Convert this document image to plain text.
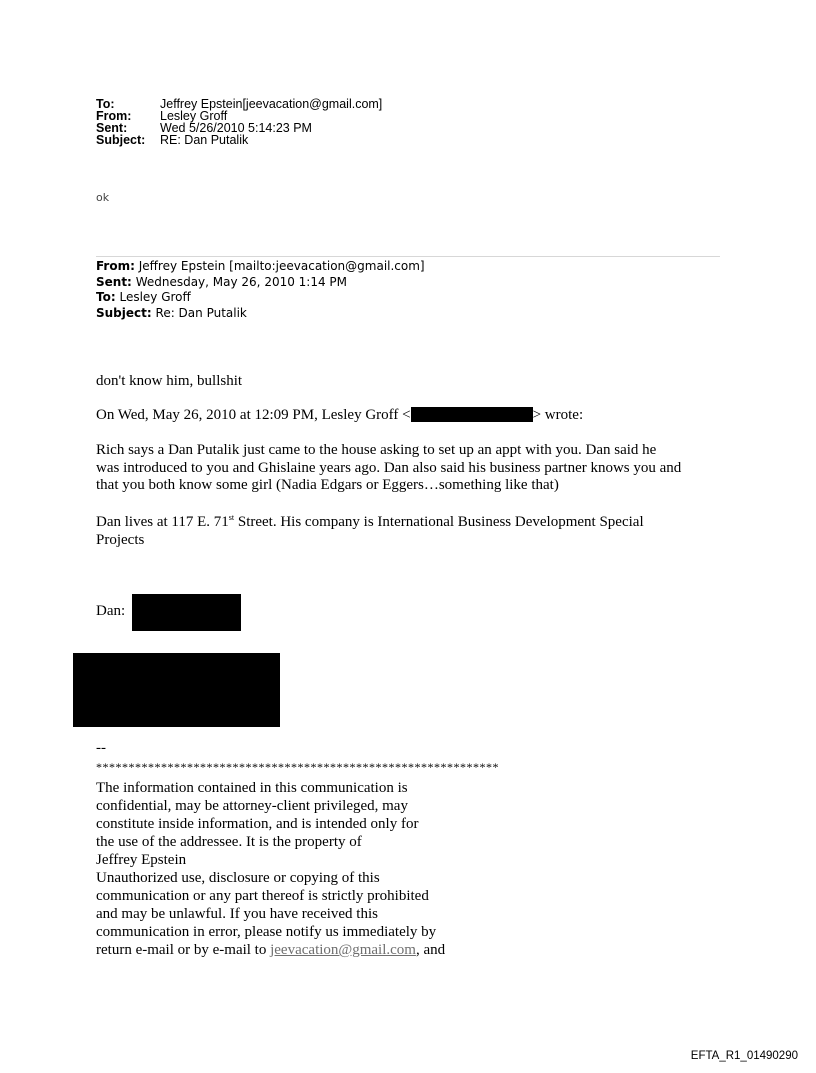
To:	Jeffrey Epstein[jeevacation@gmail.com]
From:	Lesley Groff
Sent:	Wed 5/26/2010 5:14:23 PM
Subject:	RE: Dan Putalik
ok
From: Jeffrey Epstein [mailto:jeevacation@gmail.com]
Sent: Wednesday, May 26, 2010 1:14 PM
To: Lesley Groff
Subject: Re: Dan Putalik
don't know him, bullshit
On Wed, May 26, 2010 at 12:09 PM, Lesley Groff <	> wrote:
Rich says a Dan Putalik just came to the house asking to set up an appt with you. Dan said he
was introduced to you and Ghislaine years ago. Dan also said his business partner knows you and
that you both know some girl (Nadia Edgars or Eggers…something like that)
Dan lives at 117 E. 71st Street. His company is International Business Development Special
Projects
Dan:
--
**************************************************************
The information contained in this communication is
confidential, may be attorney-client privileged, may
constitute inside information, and is intended only for
the use of the addressee. It is the property of
Jeffrey Epstein
Unauthorized use, disclosure or copying of this
communication or any part thereof is strictly prohibited
and may be unlawful. If you have received this
communication in error, please notify us immediately by
return e-mail or by e-mail to jeevacation@gmail.com, and
EFTA_R1_01490290
